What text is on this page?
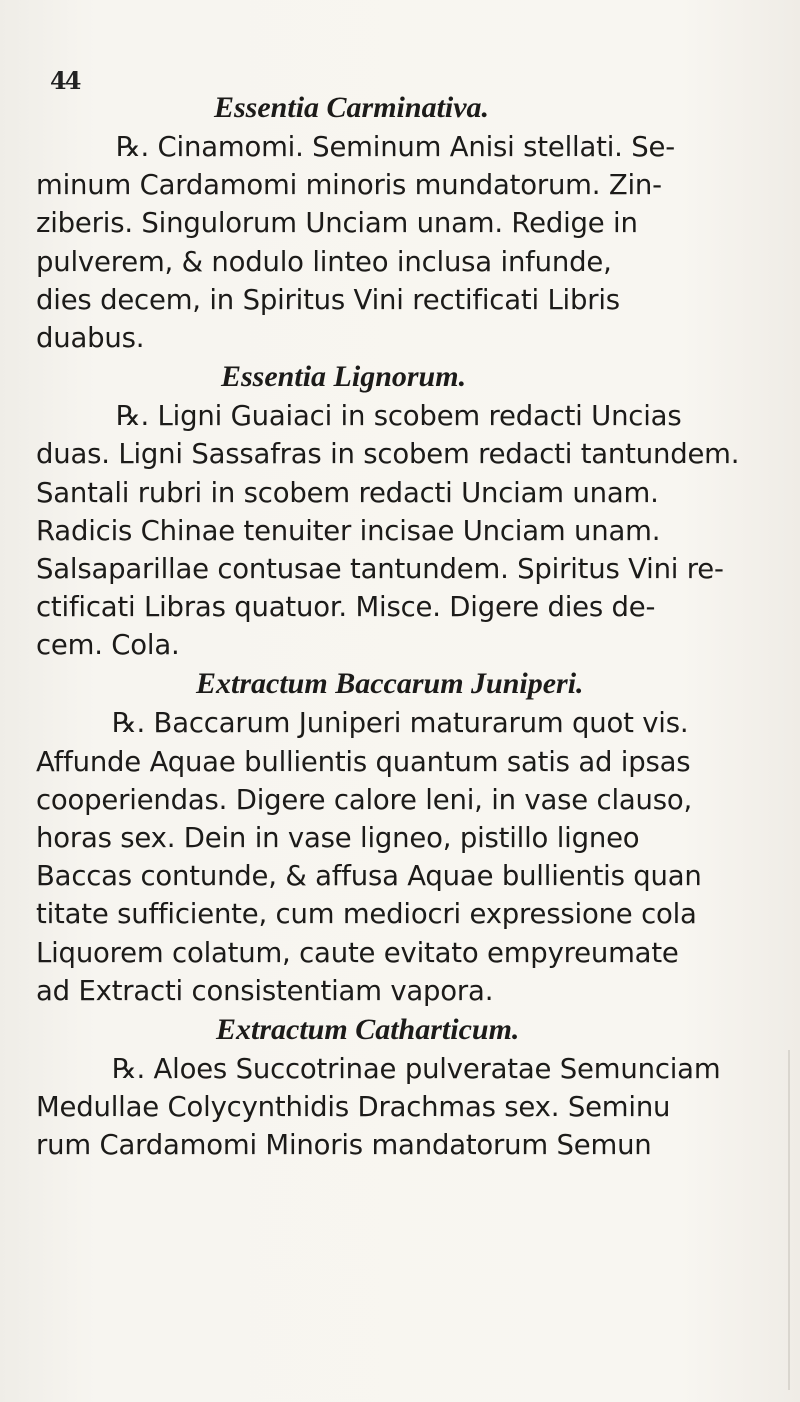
44
Essentia Carminativa.

℞. Cinamomi. Seminum Anisi stellati. Se-

minum Cardamomi minoris mundatorum. Zin-

ziberis. Singulorum Unciam unam. Redige in

pulverem, & nodulo linteo inclusa infunde,

dies decem, in Spiritus Vini rectificati Libris

duabus.

Essentia Lignorum.

℞. Ligni Guaiaci in scobem redacti Uncias

duas. Ligni Sassafras in scobem redacti tantundem.

Santali rubri in scobem redacti Unciam unam.

Radicis Chinae tenuiter incisae Unciam unam.

Salsaparillae contusae tantundem. Spiritus Vini re-

ctificati Libras quatuor. Misce. Digere dies de-

cem. Cola.

Extractum Baccarum Juniperi.

℞. Baccarum Juniperi maturarum quot vis.

Affunde Aquae bullientis quantum satis ad ipsas

cooperiendas. Digere calore leni, in vase clauso,

horas sex. Dein in vase ligneo, pistillo ligneo

Baccas contunde, & affusa Aquae bullientis quan

titate sufficiente, cum mediocri expressione cola

Liquorem colatum, caute evitato empyreumate

ad Extracti consistentiam vapora.

Extractum Catharticum.

℞. Aloes Succotrinae pulveratae Semunciam

Medullae Colycynthidis Drachmas sex. Seminu

rum Cardamomi Minoris mandatorum Semun
